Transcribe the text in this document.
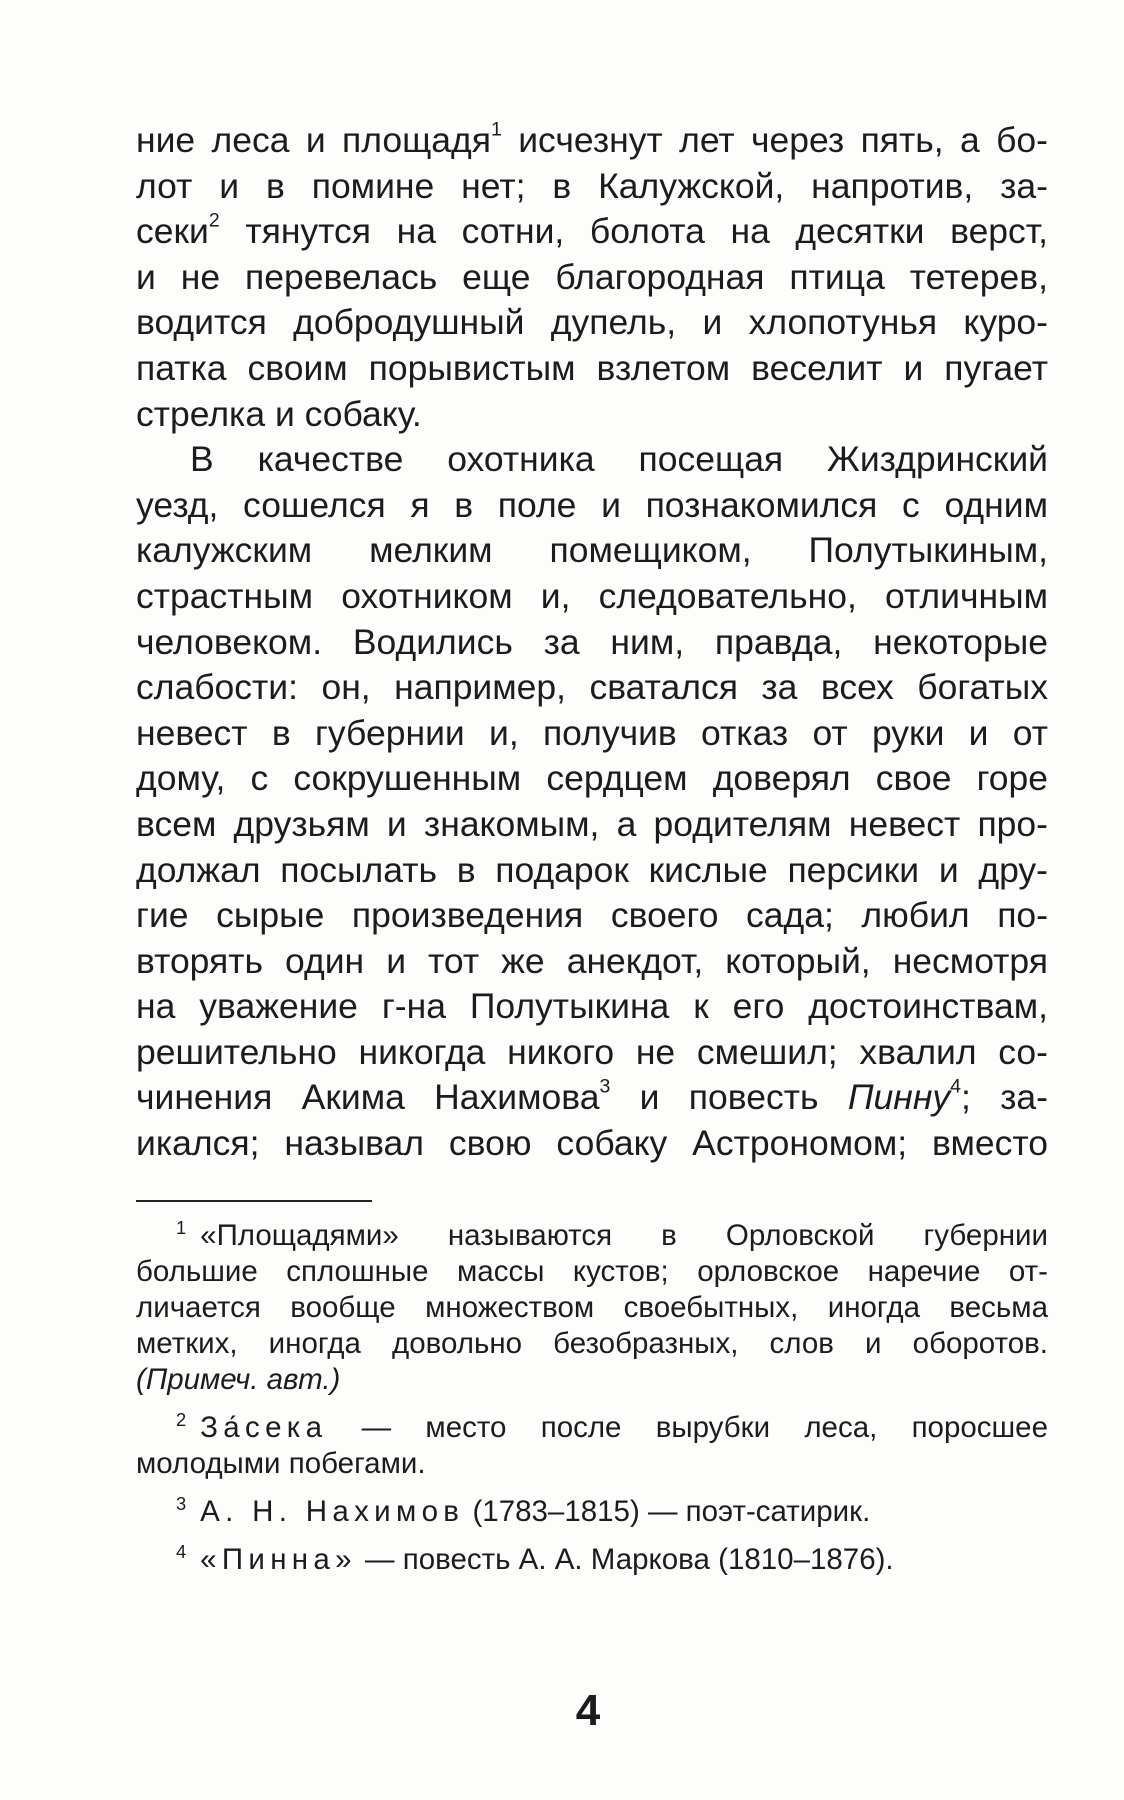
ние леса и площадя$^1$ исчезнут лет через пять, а бо-
лот и в помине нет; в Калужской, напротив, за-
секи$^2$ тянутся на сотни, болота на десятки верст,
и не перевелась еще благородная птица тетерев,
водится добродушный дупель, и хлопотунья куро-
патка своим порывистым взлетом веселит и пугает
стрелка и собаку.
В качестве охотника посещая Жиздринский
уезд, сошелся я в поле и познакомился с одним
калужским мелким помещиком, Полутыкиным,
страстным охотником и, следовательно, отличным
человеком. Водились за ним, правда, некоторые
слабости: он, например, сватался за всех богатых
невест в губернии и, получив отказ от руки и от
дому, с сокрушенным сердцем доверял свое горе
всем друзьям и знакомым, а родителям невест про-
должал посылать в подарок кислые персики и дру-
гие сырые произведения своего сада; любил по-
вторять один и тот же анекдот, который, несмотря
на уважение г-на Полутыкина к его достоинствам,
решительно никогда никого не смешил; хвалил со-
чинения Акима Нахимова$^3$ и повесть Пинну$^4$; за-
икался; называл свою собаку Астрономом; вместо
$^1$ «Площадями» называются в Орловской губернии
большие сплошные массы кустов; орловское наречие от-
личается вообще множеством своебытных, иногда весьма
метких, иногда довольно безобразных, слов и оборотов.
(Примеч. авт.)
$^2$ За́сека — место после вырубки леса, поросшее
молодыми побегами.
$^3$ А. Н. Нахимов (1783–1815) — поэт-сатирик.
$^4$ «Пинна» — повесть А. А. Маркова (1810–1876).
4
